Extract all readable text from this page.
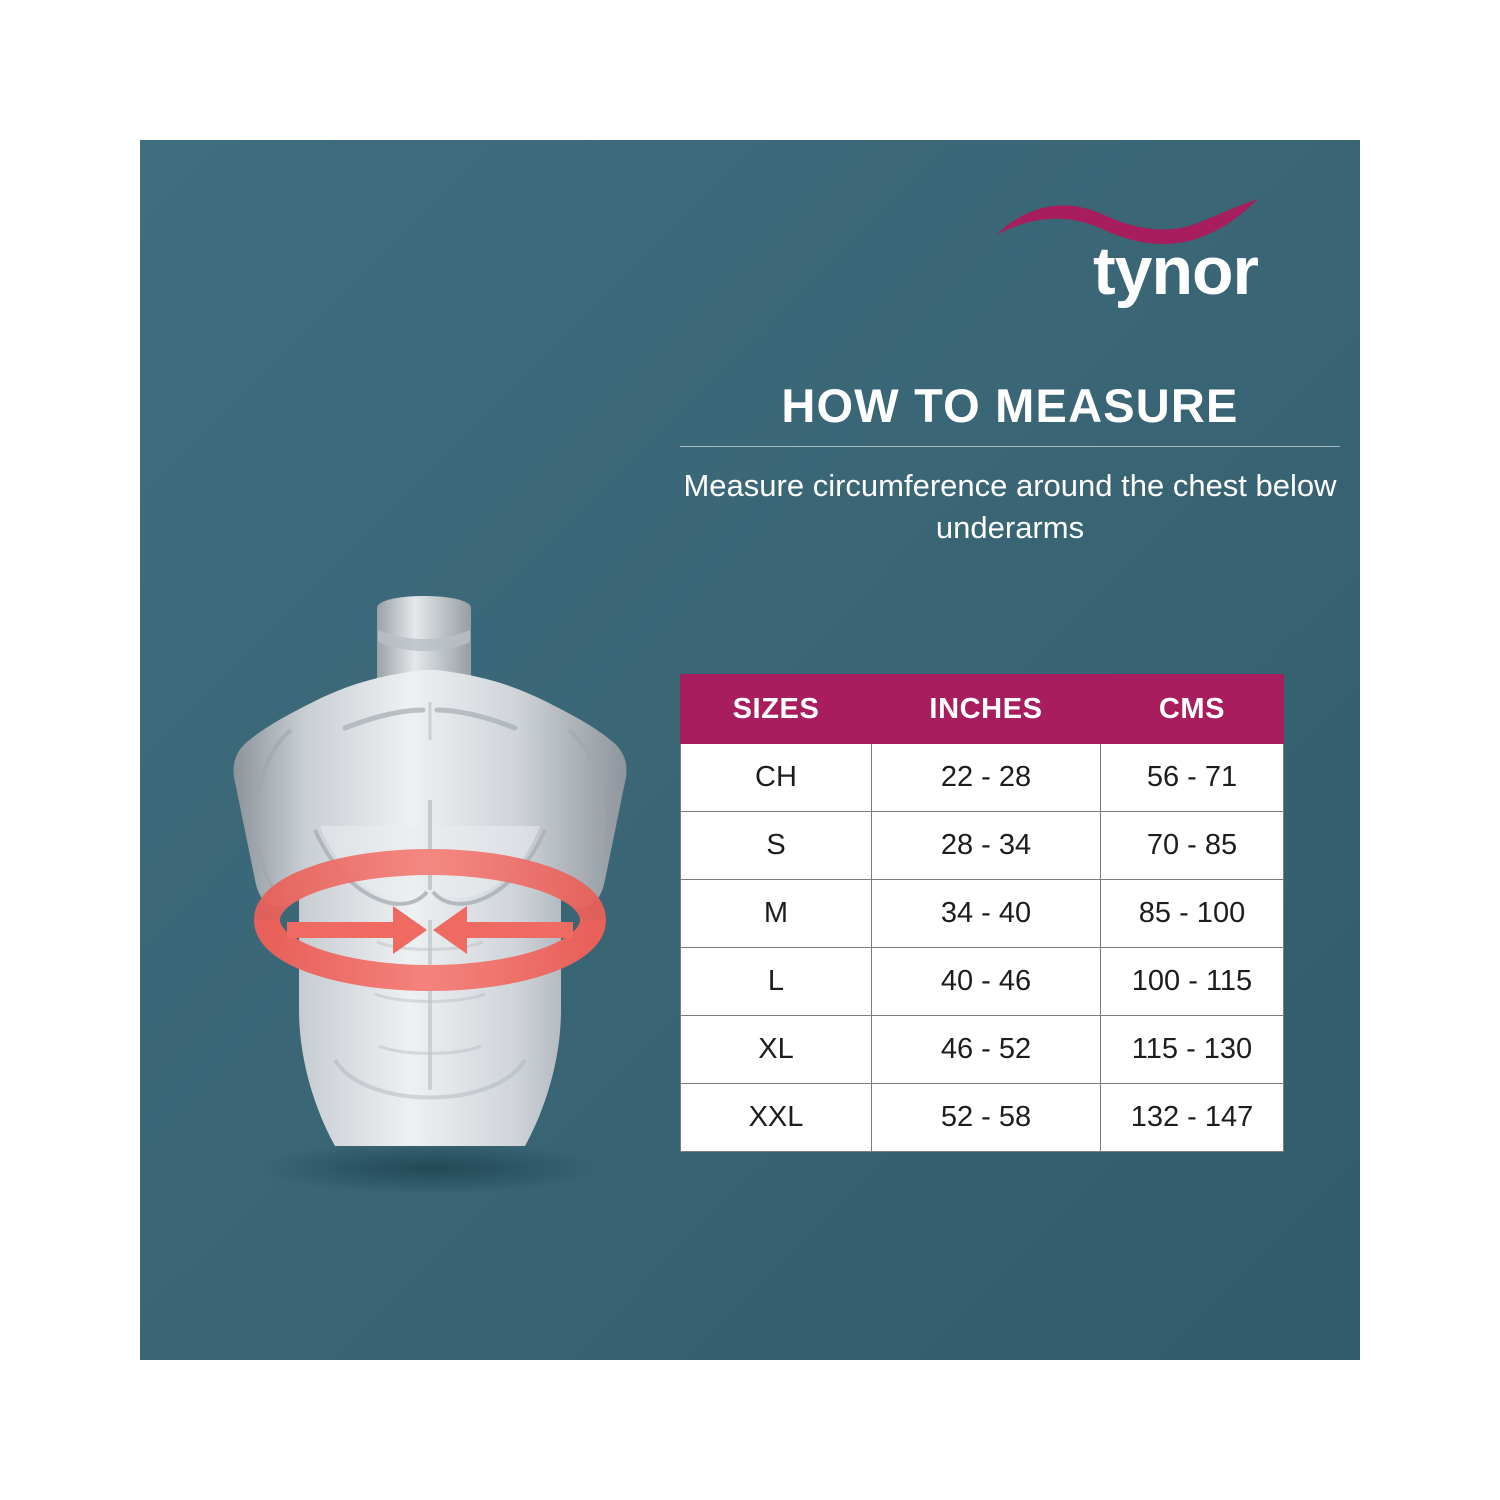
tynor
HOW TO MEASURE

Measure circumference around the chest below underarms

SIZES	INCHES	CMS
CH	22 - 28	56 - 71
S	28 - 34	70 - 85
M	34 - 40	85 - 100
L	40 - 46	100 - 115
XL	46 - 52	115 - 130
XXL	52 - 58	132 - 147
